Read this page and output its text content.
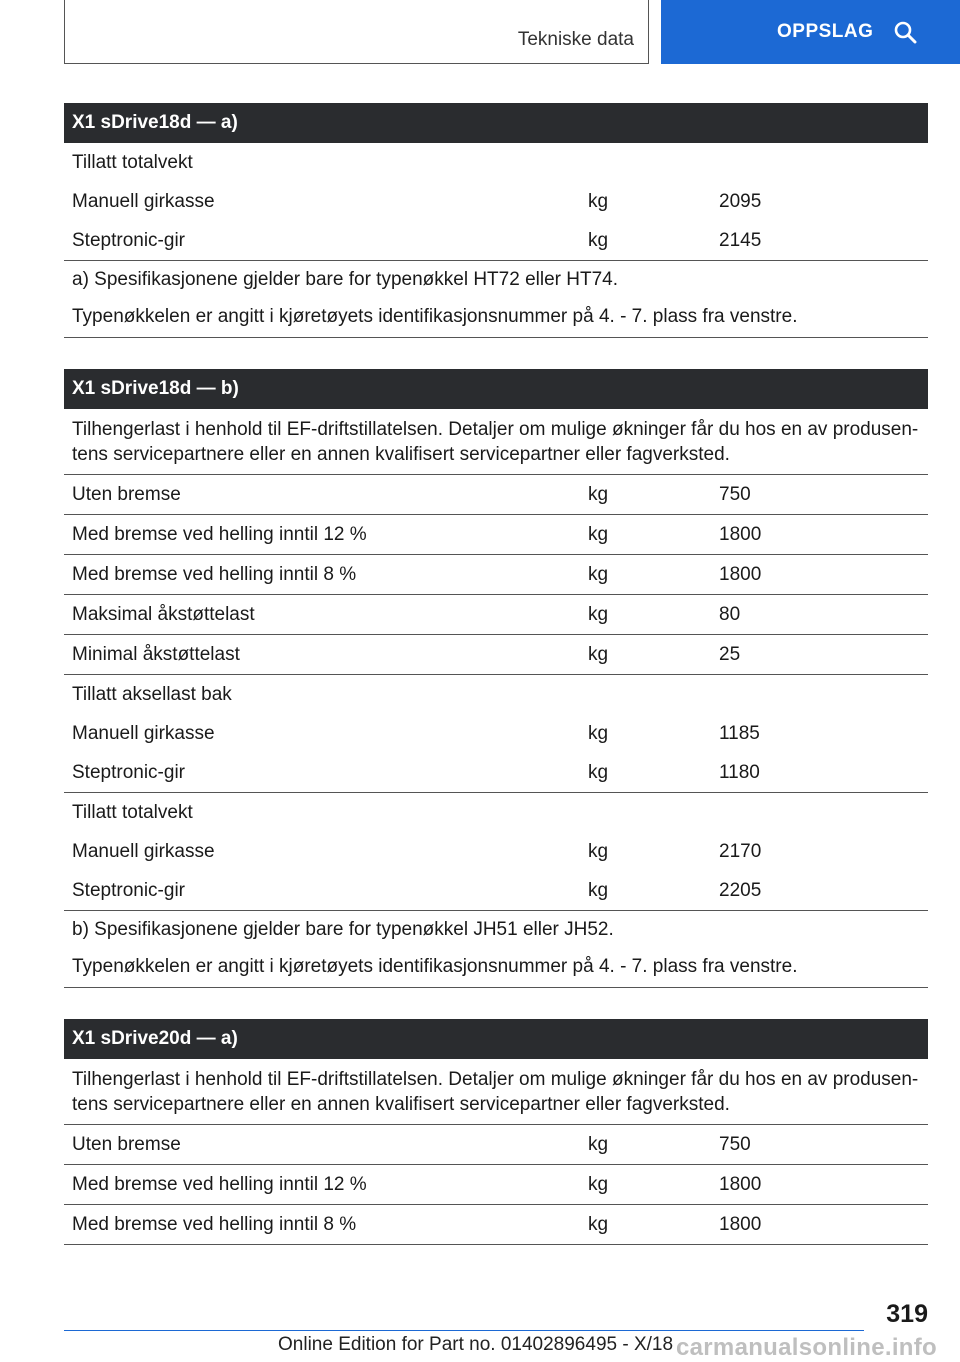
Tekniske data	OPPSLAG
X1 sDrive18d — a)
Tillatt totalvekt
Manuell girkasse	kg	2095
Steptronic-gir	kg	2145
a) Spesifikasjonene gjelder bare for typenøkkel HT72 eller HT74.
Typenøkkelen er angitt i kjøretøyets identifikasjonsnummer på 4. - 7. plass fra venstre.
X1 sDrive18d — b)
Tilhengerlast i henhold til EF-driftstillatelsen. Detaljer om mulige økninger får du hos en av produsen-tens servicepartnere eller en annen kvalifisert servicepartner eller fagverksted.
Uten bremse	kg	750
Med bremse ved helling inntil 12 %	kg	1800
Med bremse ved helling inntil 8 %	kg	1800
Maksimal åkstøttelast	kg	80
Minimal åkstøttelast	kg	25
Tillatt aksellast bak
Manuell girkasse	kg	1185
Steptronic-gir	kg	1180
Tillatt totalvekt
Manuell girkasse	kg	2170
Steptronic-gir	kg	2205
b) Spesifikasjonene gjelder bare for typenøkkel JH51 eller JH52.
Typenøkkelen er angitt i kjøretøyets identifikasjonsnummer på 4. - 7. plass fra venstre.
X1 sDrive20d — a)
Tilhengerlast i henhold til EF-driftstillatelsen. Detaljer om mulige økninger får du hos en av produsen-tens servicepartnere eller en annen kvalifisert servicepartner eller fagverksted.
Uten bremse	kg	750
Med bremse ved helling inntil 12 %	kg	1800
Med bremse ved helling inntil 8 %	kg	1800
319
Online Edition for Part no. 01402896495 - X/18 carmanualsonline.info
